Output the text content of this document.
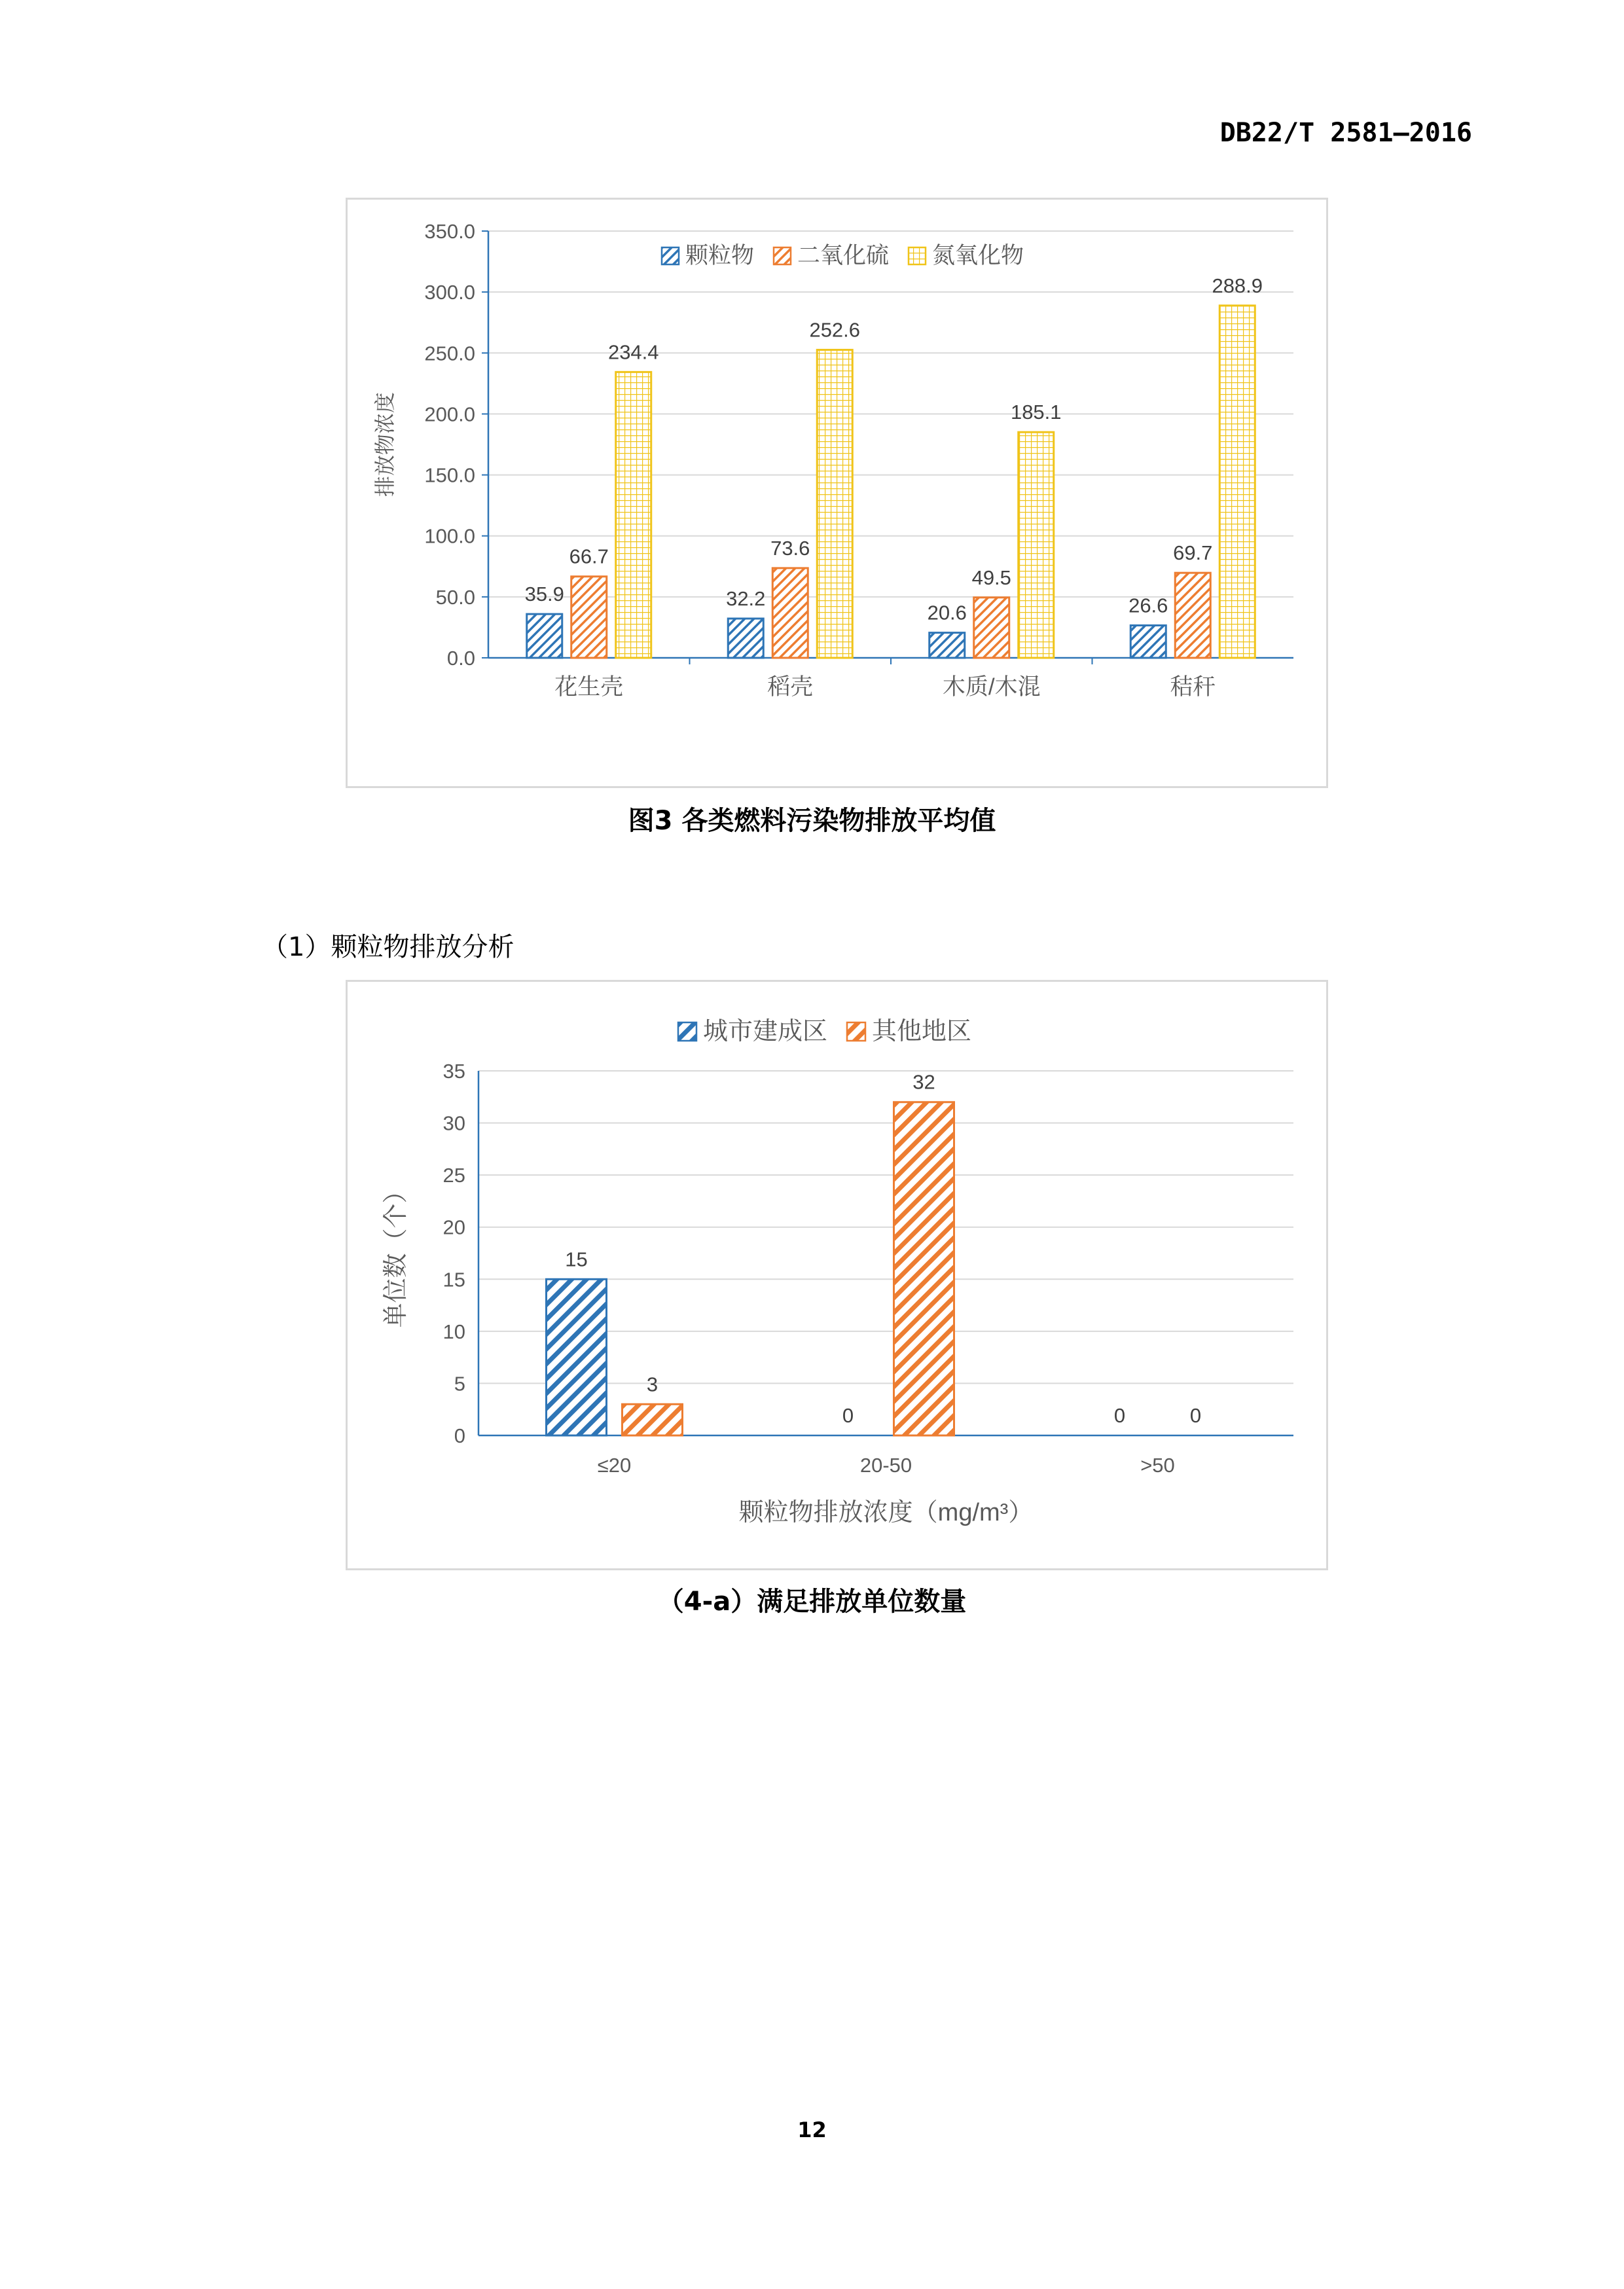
DB22/T 2581—2016
0.0
50.0
100.0
150.0
200.0
250.0
300.0
350.0
花生壳
35.9
66.7
234.4
稻壳
32.2
73.6
252.6
木质/木混
20.6
49.5
185.1
秸秆
26.6
69.7
288.9
颗粒物 二氧化硫 氮氧化物
排放物浓度
图3 各类燃料污染物排放平均值
（1）颗粒物排放分析
0
5
10
15
20
25
30
35
≤20
15
3
20-50
0
32
>50
0	0
城市建成区 其他地区
单位数（个）
颗粒物排放浓度（mg/m³）
（4-a）满足排放单位数量
12
